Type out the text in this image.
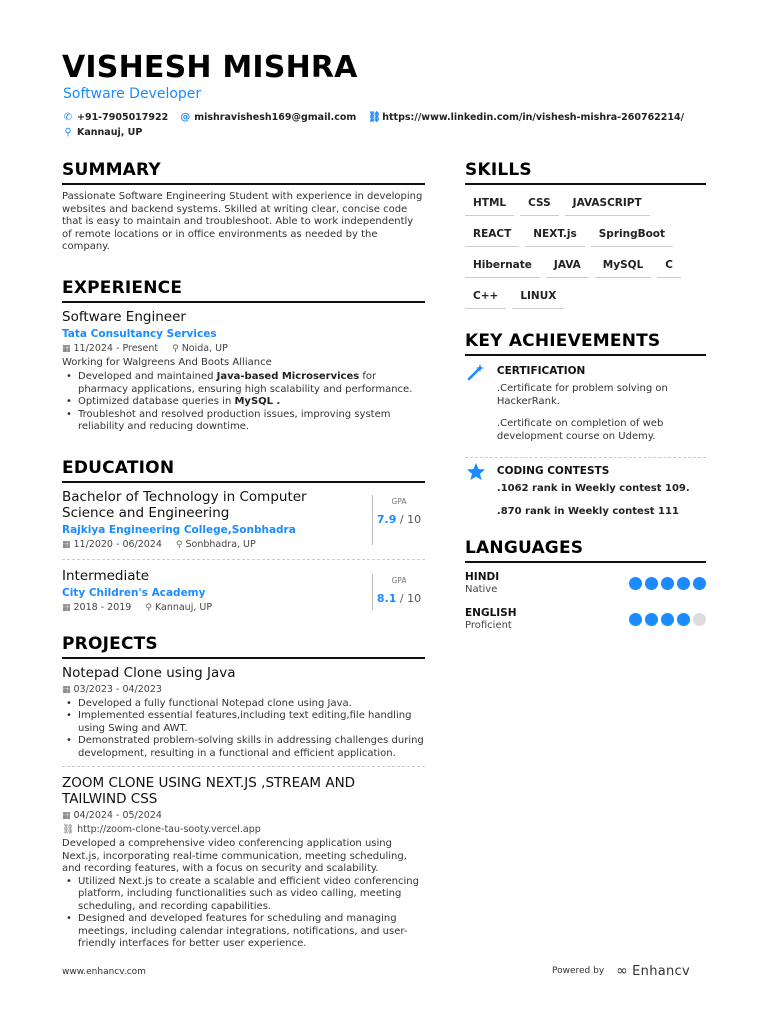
VISHESH MISHRA
Software Developer
✆ +91-7905017922 @ mishravishesh169@gmail.com ⛓ https://www.linkedin.com/in/vishesh-mishra-260762214/
⚲ Kannauj, UP
SUMMARY
Passionate Software Engineering Student with experience in developing websites and backend systems. Skilled at writing clear, concise code that is easy to maintain and troubleshoot. Able to work independently of remote locations or in office environments as needed by the company.
EXPERIENCE
Software Engineer
Tata Consultancy Services
▦ 11/2024 - Present ⚲ Noida, UP
Working for Walgreens And Boots Alliance
• Developed and maintained Java-based Microservices for pharmacy applications, ensuring high scalability and performance.
• Optimized database queries in MySQL .
• Troubleshot and resolved production issues, improving system reliability and reducing downtime.
EDUCATION
Bachelor of Technology in Computer Science and Engineering
Rajkiya Engineering College,Sonbhadra
▦ 11/2020 - 06/2024 ⚲ Sonbhadra, UP
GPA
7.9 / 10
Intermediate
City Children's Academy
▦ 2018 - 2019 ⚲ Kannauj, UP
GPA
8.1 / 10
PROJECTS
Notepad Clone using Java
▦ 03/2023 - 04/2023
• Developed a fully functional Notepad clone using Java.
• Implemented essential features,including text editing,file handling using Swing and AWT.
• Demonstrated problem-solving skills in addressing challenges during development, resulting in a functional and efficient application.
ZOOM CLONE USING NEXT.JS ,STREAM AND TAILWIND CSS
▦ 04/2024 - 05/2024
⛓ http://zoom-clone-tau-sooty.vercel.app
Developed a comprehensive video conferencing application using Next.js, incorporating real-time communication, meeting scheduling, and recording features, with a focus on security and scalability.
• Utilized Next.js to create a scalable and efficient video conferencing platform, including functionalities such as video calling, meeting scheduling, and recording capabilities.
• Designed and developed features for scheduling and managing meetings, including calendar integrations, notifications, and user-friendly interfaces for better user experience.
SKILLS
HTML	CSS	JAVASCRIPT
REACT	NEXT.js	SpringBoot
Hibernate	JAVA	MySQL	C
C++	LINUX
KEY ACHIEVEMENTS
CERTIFICATION
.Certificate for problem solving on HackerRank.
.Certificate on completion of web development course on Udemy.
CODING CONTESTS
.1062 rank in Weekly contest 109.
.870 rank in Weekly contest 111
LANGUAGES
HINDI
Native
ENGLISH
Proficient
www.enhancv.com	Powered by ∞ Enhancv
